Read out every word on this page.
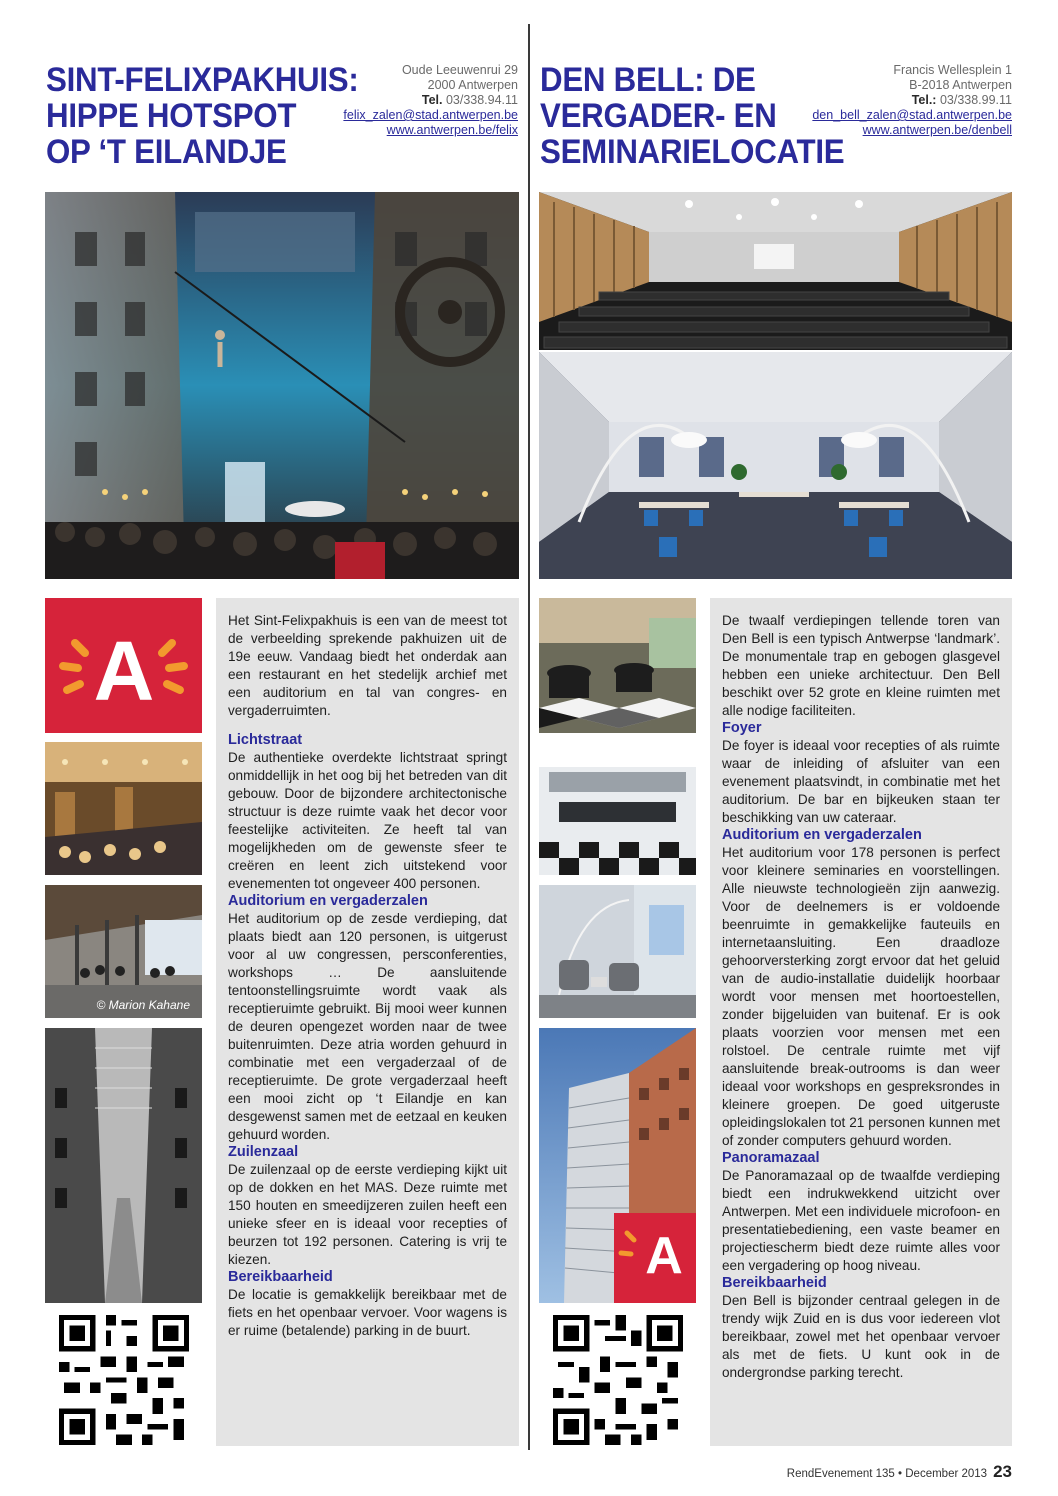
SINT-FELIXPAKHUIS:
HIPPE HOTSPOT
OP ‘T EILANDJE
Oude Leeuwenrui 29
2000 Antwerpen
Tel. 03/338.94.11
felix_zalen@stad.antwerpen.be
www.antwerpen.be/felix
A
© Marion Kahane

Het Sint-Felixpakhuis is een van de meest tot de verbeelding sprekende pakhuizen uit de 19e eeuw. Vandaag biedt het onderdak aan een restaurant en het stedelijk archief met een auditorium en tal van congres- en vergaderruimten.

Lichtstraat

De authentieke overdekte lichtstraat springt onmiddellijk in het oog bij het betreden van dit gebouw. Door de bijzondere architectonische structuur is deze ruimte vaak het decor voor feestelijke activiteiten. Ze heeft tal van mogelijkheden om de gewenste sfeer te creëren en leent zich uitstekend voor evenementen tot ongeveer 400 personen.

Auditorium en vergaderzalen

Het auditorium op de zesde verdieping, dat plaats biedt aan 120 personen, is uitgerust voor al uw congressen, persconferenties, workshops … De aansluitende tentoonstellingsruimte wordt vaak als receptieruimte gebruikt. Bij mooi weer kunnen de deuren opengezet worden naar de twee buitenruimten. Deze atria worden gehuurd in combinatie met een vergaderzaal of de receptieruimte. De grote vergaderzaal heeft een mooi zicht op ‘t Eilandje en kan desgewenst samen met de eetzaal en keuken gehuurd worden.

Zuilenzaal

De zuilenzaal op de eerste verdieping kijkt uit op de dokken en het MAS. Deze ruimte met 150 houten en smeedijzeren zuilen heeft een unieke sfeer en is ideaal voor recepties of beurzen tot 192 personen. Catering is vrij te kiezen.

Bereikbaarheid

De locatie is gemakkelijk bereikbaar met de fiets en het openbaar vervoer. Voor wagens is er ruime (betalende) parking in de buurt.

DEN BELL: DE
VERGADER- EN
SEMINARIELOCATIE
Francis Wellesplein 1
B-2018 Antwerpen
Tel.: 03/338.99.11
den_bell_zalen@stad.antwerpen.be
www.antwerpen.be/denbell
A

De twaalf verdiepingen tellende toren van Den Bell is een typisch Antwerpse ‘landmark’. De monumentale trap en gebogen glasgevel hebben een unieke architectuur. Den Bell beschikt over 52 grote en kleine ruimten met alle nodige faciliteiten.

Foyer

De foyer is ideaal voor recepties of als ruimte waar de inleiding of afsluiter van een evenement plaatsvindt, in combinatie met het auditorium. De bar en bijkeuken staan ter beschikking van uw cateraar.

Auditorium en vergaderzalen

Het auditorium voor 178 personen is perfect voor kleinere seminaries en voorstellingen. Alle nieuwste technologieën zijn aanwezig. Voor de deelnemers is er voldoende beenruimte in gemakkelijke fauteuils en internetaansluiting. Een draadloze gehoorversterking zorgt ervoor dat het geluid van de audio-installatie duidelijk hoorbaar wordt voor mensen met hoortoestellen, zonder bijgeluiden van buitenaf. Er is ook plaats voorzien voor mensen met een rolstoel. De centrale ruimte met vijf aansluitende break-outrooms is dan weer ideaal voor workshops en gespreksrondes in kleinere groepen. De goed uitgeruste opleidingslokalen tot 21 personen kunnen met of zonder computers gehuurd worden.

Panoramazaal

De Panoramazaal op de twaalfde verdieping biedt een indrukwekkend uitzicht over Antwerpen. Met een individuele microfoon- en presentatiebediening, een vaste beamer en projectiescherm biedt deze ruimte alles voor een vergadering op hoog niveau.

Bereikbaarheid

Den Bell is bijzonder centraal gelegen in de trendy wijk Zuid en is dus voor iedereen vlot bereikbaar, zowel met het openbaar vervoer als met de fiets. U kunt ook in de ondergrondse parking terecht.

RendEvenement 135 • December 2013 23
